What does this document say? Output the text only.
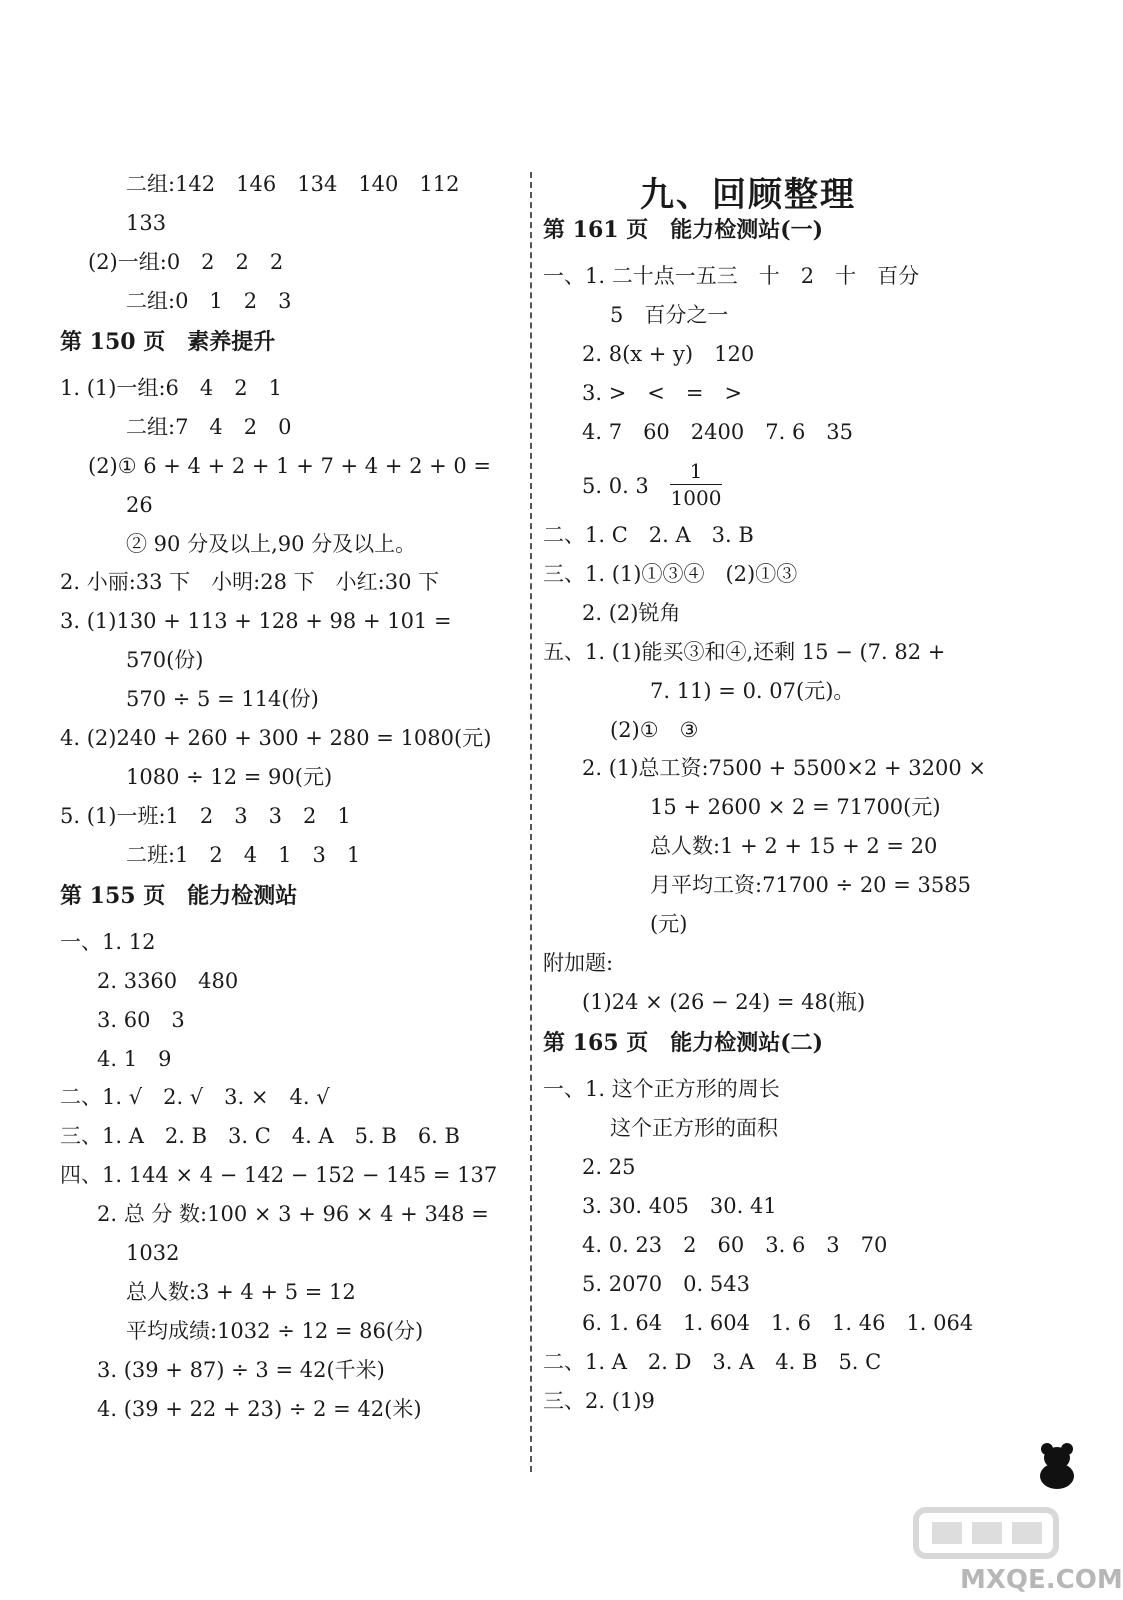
二组:142　146　134　140　112
133
(2)一组:0　2　2　2
二组:0　1　2　3
第 150 页　素养提升
1. (1)一组:6　4　2　1
二组:7　4　2　0
(2)① 6 + 4 + 2 + 1 + 7 + 4 + 2 + 0 =
26
② 90 分及以上,90 分及以上。
2. 小丽:33 下　小明:28 下　小红:30 下
3. (1)130 + 113 + 128 + 98 + 101 =
570(份)
570 ÷ 5 = 114(份)
4. (2)240 + 260 + 300 + 280 = 1080(元)
1080 ÷ 12 = 90(元)
5. (1)一班:1　2　3　3　2　1
二班:1　2　4　1　3　1
第 155 页　能力检测站
一、1. 12
2. 3360　480
3. 60　3
4. 1　9
二、1. √　2. √　3. ×　4. √
三、1. A　2. B　3. C　4. A　5. B　6. B
四、1. 144 × 4 − 142 − 152 − 145 = 137
2. 总 分 数:100 × 3 + 96 × 4 + 348 =
1032
总人数:3 + 4 + 5 = 12
平均成绩:1032 ÷ 12 = 86(分)
3. (39 + 87) ÷ 3 = 42(千米)
4. (39 + 22 + 23) ÷ 2 = 42(米)
九、回顾整理
第 161 页　能力检测站(一)
一、1. 二十点一五三　十　2　十　百分
5　百分之一
2. 8(x + y)　120
3. >　<　=　>
4. 7　60　2400　7. 6　35
5. 0. 3
二、1. C　2. A　3. B
三、1. (1)①③④　(2)①③
2. (2)锐角
五、1. (1)能买③和④,还剩 15 − (7. 82 +
7. 11) = 0. 07(元)。
(2)①　③
2. (1)总工资:7500 + 5500×2 + 3200 ×
15 + 2600 × 2 = 71700(元)
总人数:1 + 2 + 15 + 2 = 20
月平均工资:71700 ÷ 20 = 3585
(元)
附加题:
(1)24 × (26 − 24) = 48(瓶)
第 165 页　能力检测站(二)
一、1. 这个正方形的周长
这个正方形的面积
2. 25
3. 30. 405　30. 41
4. 0. 23　2　60　3. 6　3　70
5. 2070　0. 543
6. 1. 64　1. 604　1. 6　1. 46　1. 064
二、1. A　2. D　3. A　4. B　5. C
三、2. (1)9
1
1000
MXQE.COM
